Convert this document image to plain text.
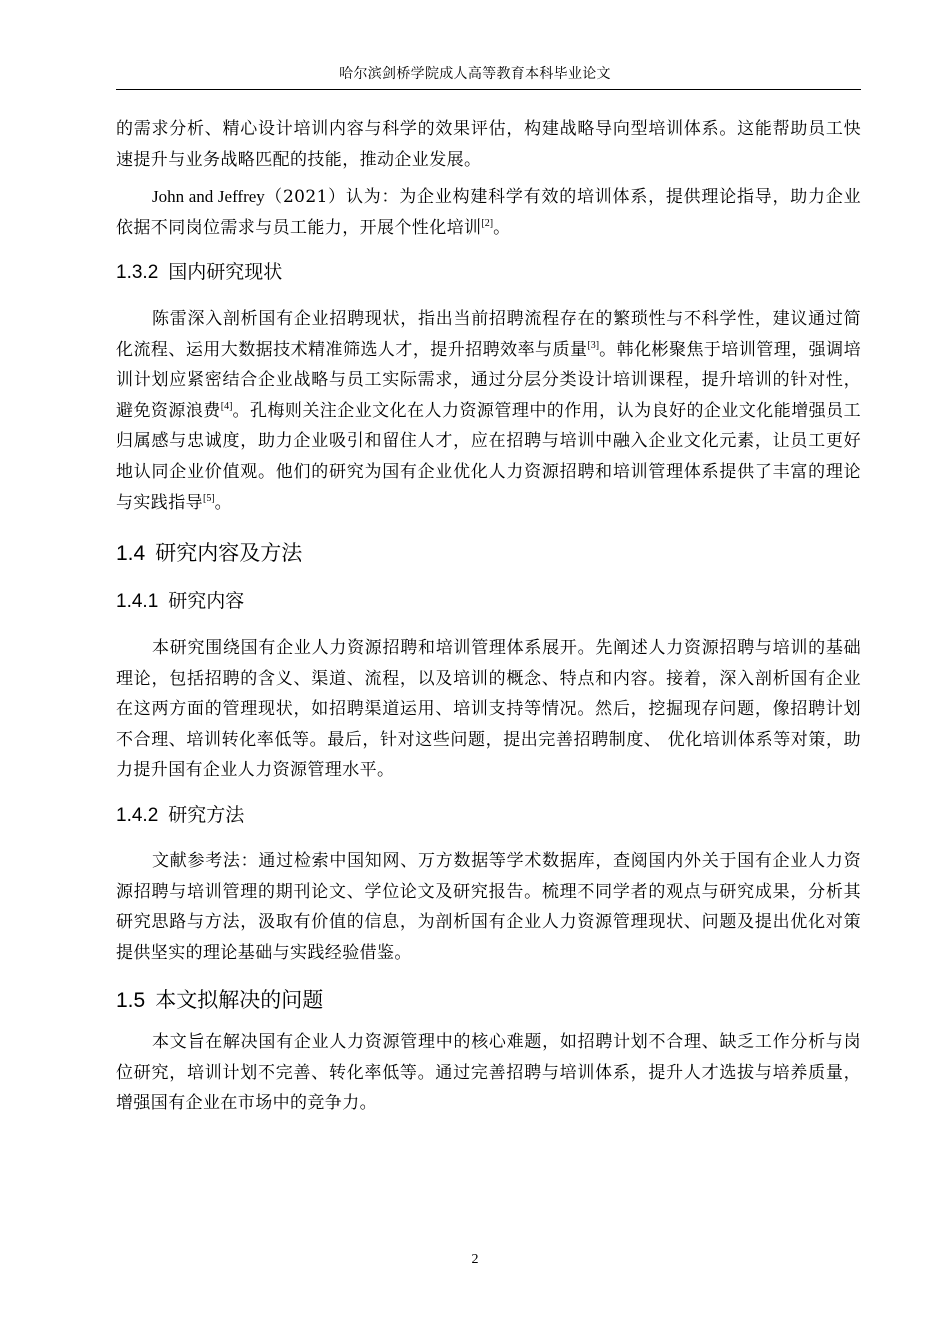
哈尔滨剑桥学院成人高等教育本科毕业论文

的需求分析、精心设计培训内容与科学的效果评估，构建战略导向型培训体系。这能帮助员工快速提升与业务战略匹配的技能，推动企业发展。

John and Jeffrey（2021）认为：为企业构建科学有效的培训体系，提供理论指导，助力企业依据不同岗位需求与员工能力，开展个性化培训[2]。

1.3.2 国内研究现状

陈雷深入剖析国有企业招聘现状，指出当前招聘流程存在的繁琐性与不科学性，建议通过简化流程、运用大数据技术精准筛选人才，提升招聘效率与质量[3]。韩化彬聚焦于培训管理，强调培训计划应紧密结合企业战略与员工实际需求，通过分层分类设计培训课程，提升培训的针对性，避免资源浪费[4]。孔梅则关注企业文化在人力资源管理中的作用，认为良好的企业文化能增强员工归属感与忠诚度，助力企业吸引和留住人才，应在招聘与培训中融入企业文化元素，让员工更好地认同企业价值观。他们的研究为国有企业优化人力资源招聘和培训管理体系提供了丰富的理论与实践指导[5]。

1.4 研究内容及方法
1.4.1 研究内容

本研究围绕国有企业人力资源招聘和培训管理体系展开。先阐述人力资源招聘与培训的基础理论，包括招聘的含义、渠道、流程，以及培训的概念、特点和内容。接着，深入剖析国有企业在这两方面的管理现状，如招聘渠道运用、培训支持等情况。然后，挖掘现存问题，像招聘计划不合理、培训转化率低等。最后，针对这些问题，提出完善招聘制度、 优化培训体系等对策，助力提升国有企业人力资源管理水平。

1.4.2 研究方法

文献参考法：通过检索中国知网、万方数据等学术数据库，查阅国内外关于国有企业人力资源招聘与培训管理的期刊论文、学位论文及研究报告。梳理不同学者的观点与研究成果，分析其研究思路与方法，汲取有价值的信息，为剖析国有企业人力资源管理现状、问题及提出优化对策提供坚实的理论基础与实践经验借鉴。

1.5 本文拟解决的问题

本文旨在解决国有企业人力资源管理中的核心难题，如招聘计划不合理、缺乏工作分析与岗位研究，培训计划不完善、转化率低等。通过完善招聘与培训体系，提升人才选拔与培养质量，增强国有企业在市场中的竞争力。

2
